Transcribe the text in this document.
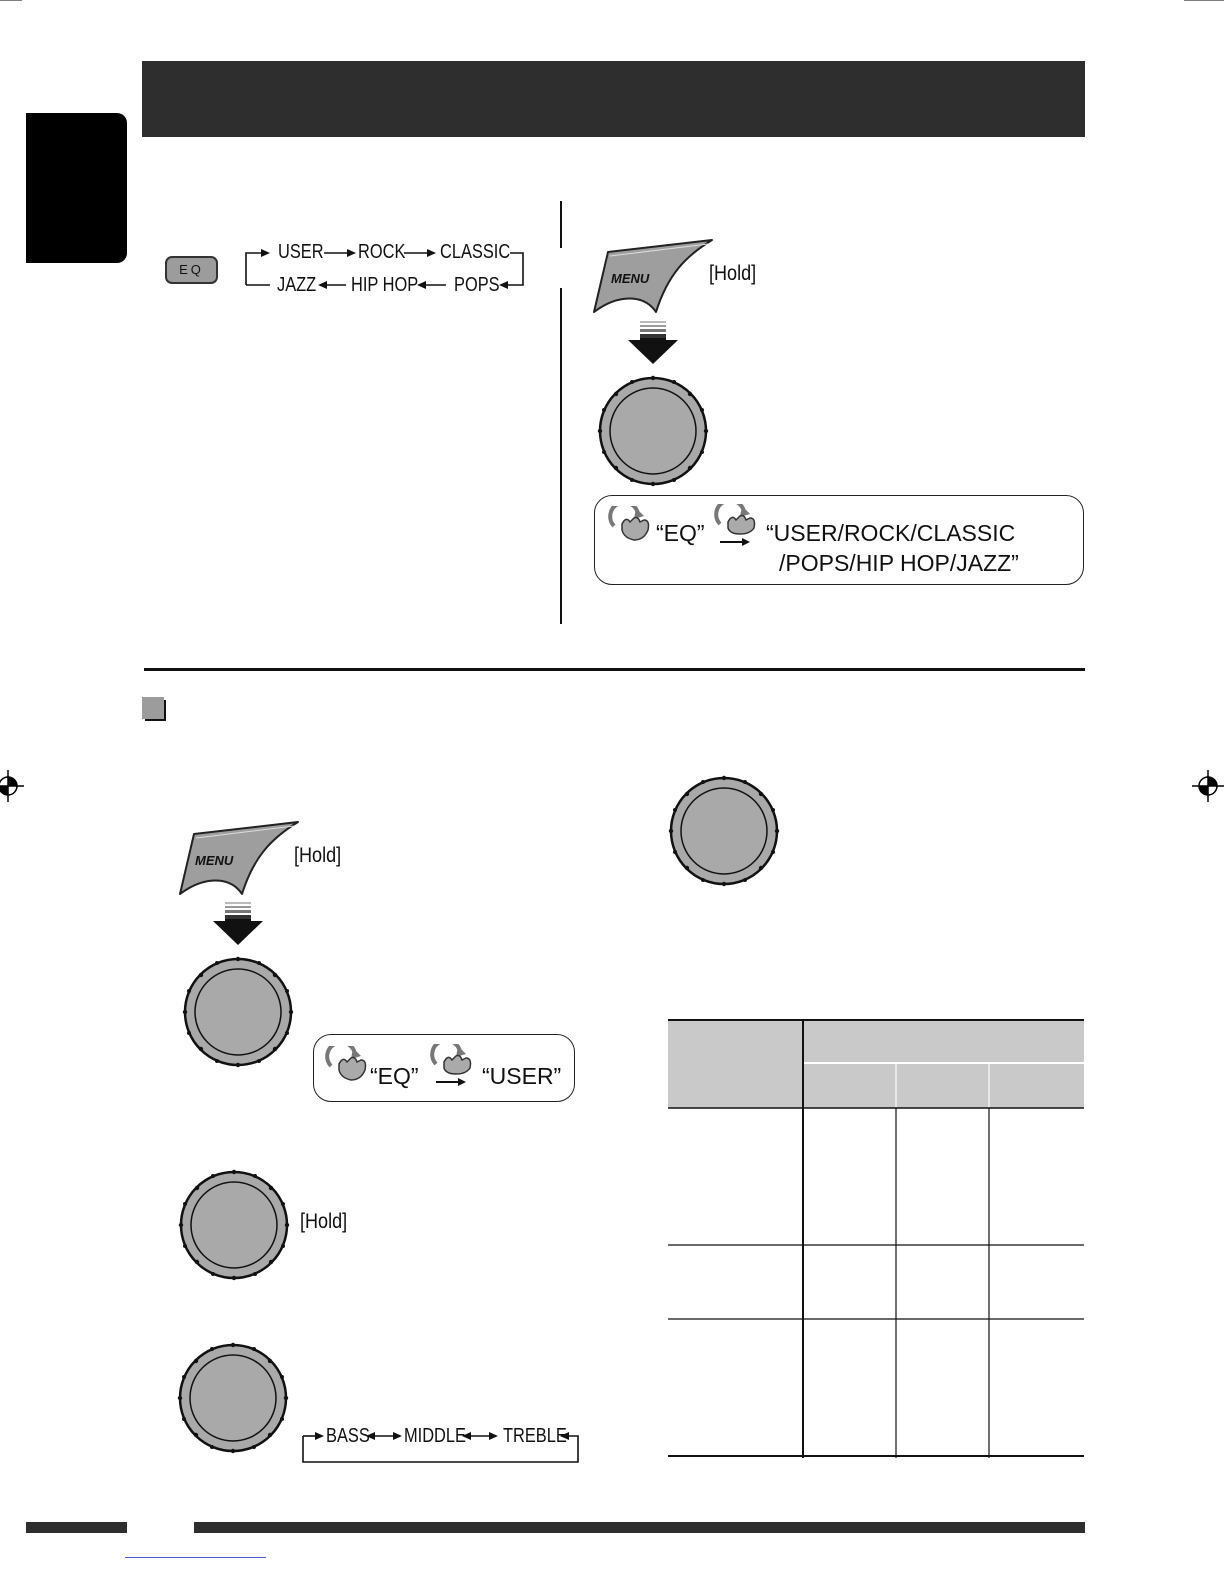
EQ
USER ROCK CLASSIC
JAZZ HIP HOP POPS	MENU	[Hold]
“EQ”	“USER/ROCK/CLASSIC
/POPS/HIP HOP/JAZZ”
MENU	[Hold]
“EQ”	“USER”
[Hold]
BASS MIDDLE TREBLE
